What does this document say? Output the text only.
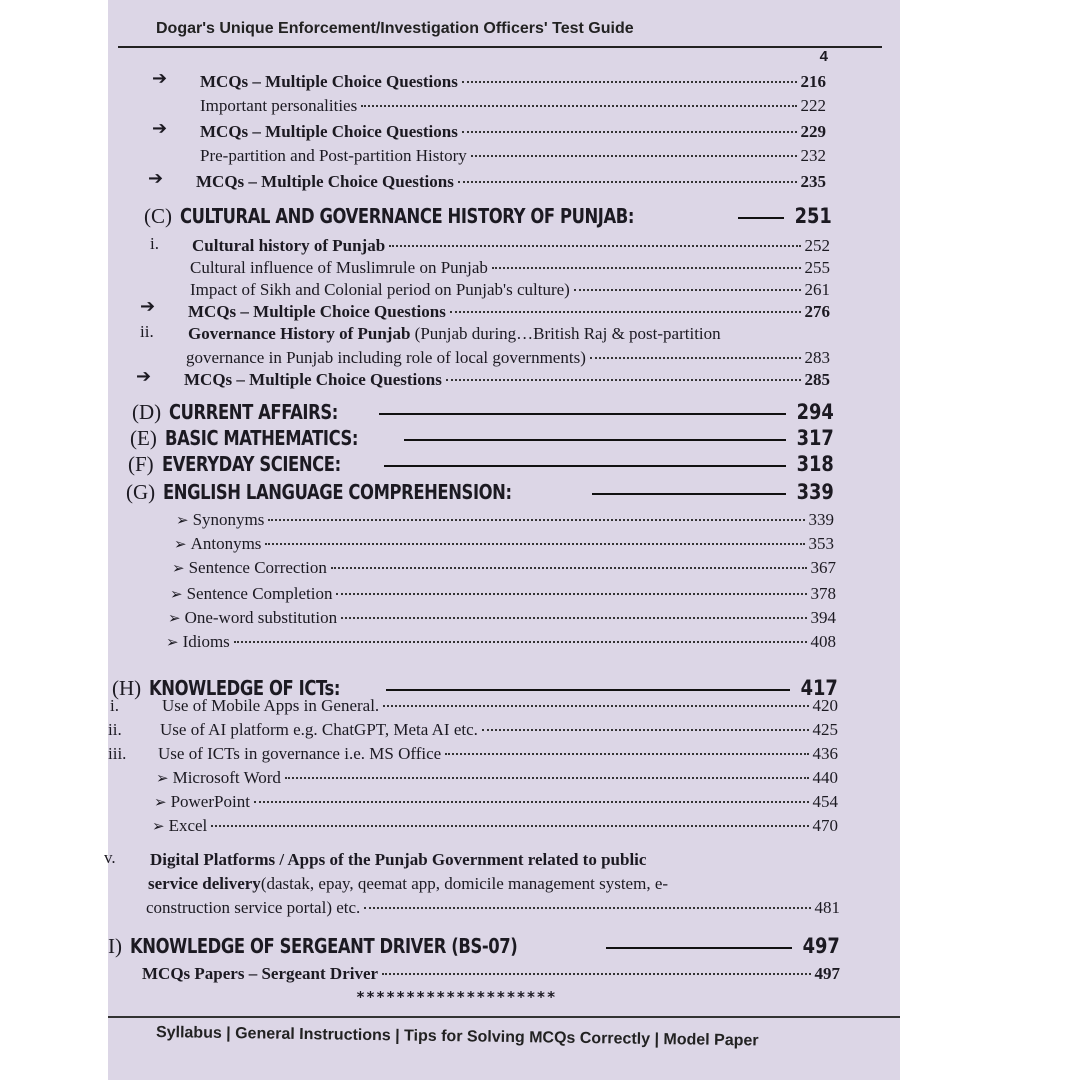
Dogar's Unique Enforcement/Investigation Officers' Test Guide
4
➔ MCQs – Multiple Choice Questions	216
Important personalities	222
➔ MCQs – Multiple Choice Questions	229
Pre-partition and Post-partition History	232
➔ MCQs – Multiple Choice Questions	235
(C) CULTURAL AND GOVERNANCE HISTORY OF PUNJAB:	251
i. Cultural history of Punjab	252
Cultural influence of Muslimrule on Punjab	255
Impact of Sikh and Colonial period on Punjab's culture)	261
➔ MCQs – Multiple Choice Questions	276
ii. Governance History of Punjab (Punjab during…British Raj & post-partition
governance in Punjab including role of local governments)	283
➔ MCQs – Multiple Choice Questions	285
(D) CURRENT AFFAIRS:	294
(E) BASIC MATHEMATICS:	317
(F) EVERYDAY SCIENCE:	318
(G) ENGLISH LANGUAGE COMPREHENSION:	339
➢ Synonyms	339
➢ Antonyms	353
➢ Sentence Correction	367
➢ Sentence Completion	378
➢ One-word substitution	394
➢ Idioms	408
(H) KNOWLEDGE OF ICTs:	417
i.	Use of Mobile Apps in General.	420
ii. Use of AI platform e.g. ChatGPT, Meta AI etc.	425
iii. Use of ICTs in governance i.e. MS Office	436
➢ Microsoft Word	440
➢ PowerPoint	454
➢ Excel	470
v. Digital Platforms / Apps of the Punjab Government related to public
service delivery(dastak, epay, qeemat app, domicile management system, e-
construction service portal) etc.	481
I) KNOWLEDGE OF SERGEANT DRIVER (BS-07)	497
MCQs Papers – Sergeant Driver	497
********************
Syllabus | General Instructions | Tips for Solving MCQs Correctly | Model Paper
